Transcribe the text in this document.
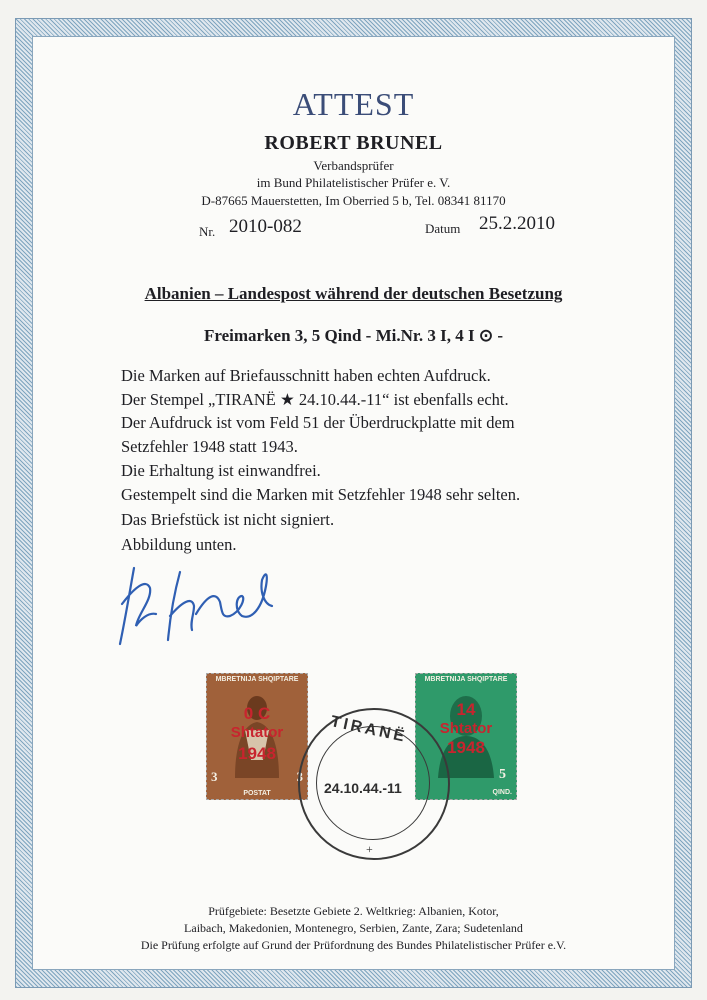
ATTEST
ROBERT BRUNEL
Verbandsprüfer
im Bund Philatelistischer Prüfer e. V.
D-87665 Mauerstetten, Im Oberried 5 b, Tel. 08341 81170
Nr. 2010-082	Datum 25.2.2010
Albanien – Landespost während der deutschen Besetzung
Freimarken 3, 5 Qind - Mi.Nr. 3 I, 4 I ⊙ -
Die Marken auf Briefausschnitt haben echten Aufdruck.
Der Stempel „TIRANË ★ 24.10.44.-11“ ist ebenfalls echt.
Der Aufdruck ist vom Feld 51 der Überdruckplatte mit dem
Setzfehler 1948 statt 1943.
Die Erhaltung ist einwandfrei.
Gestempelt sind die Marken mit Setzfehler 1948 sehr selten.
Das Briefstück ist nicht signiert.
Abbildung unten.
MBRETNIJA SHQIPTARE
0 C
Shtator
1948
3	3
POSTAT
MBRETNIJA SHQIPTARE
14
Shtator
1948
5
QIND.
TIRANË
24.10.44.-11
+
Prüfgebiete: Besetzte Gebiete 2. Weltkrieg: Albanien, Kotor,
Laibach, Makedonien, Montenegro, Serbien, Zante, Zara; Sudetenland
Die Prüfung erfolgte auf Grund der Prüfordnung des Bundes Philatelistischer Prüfer e.V.
